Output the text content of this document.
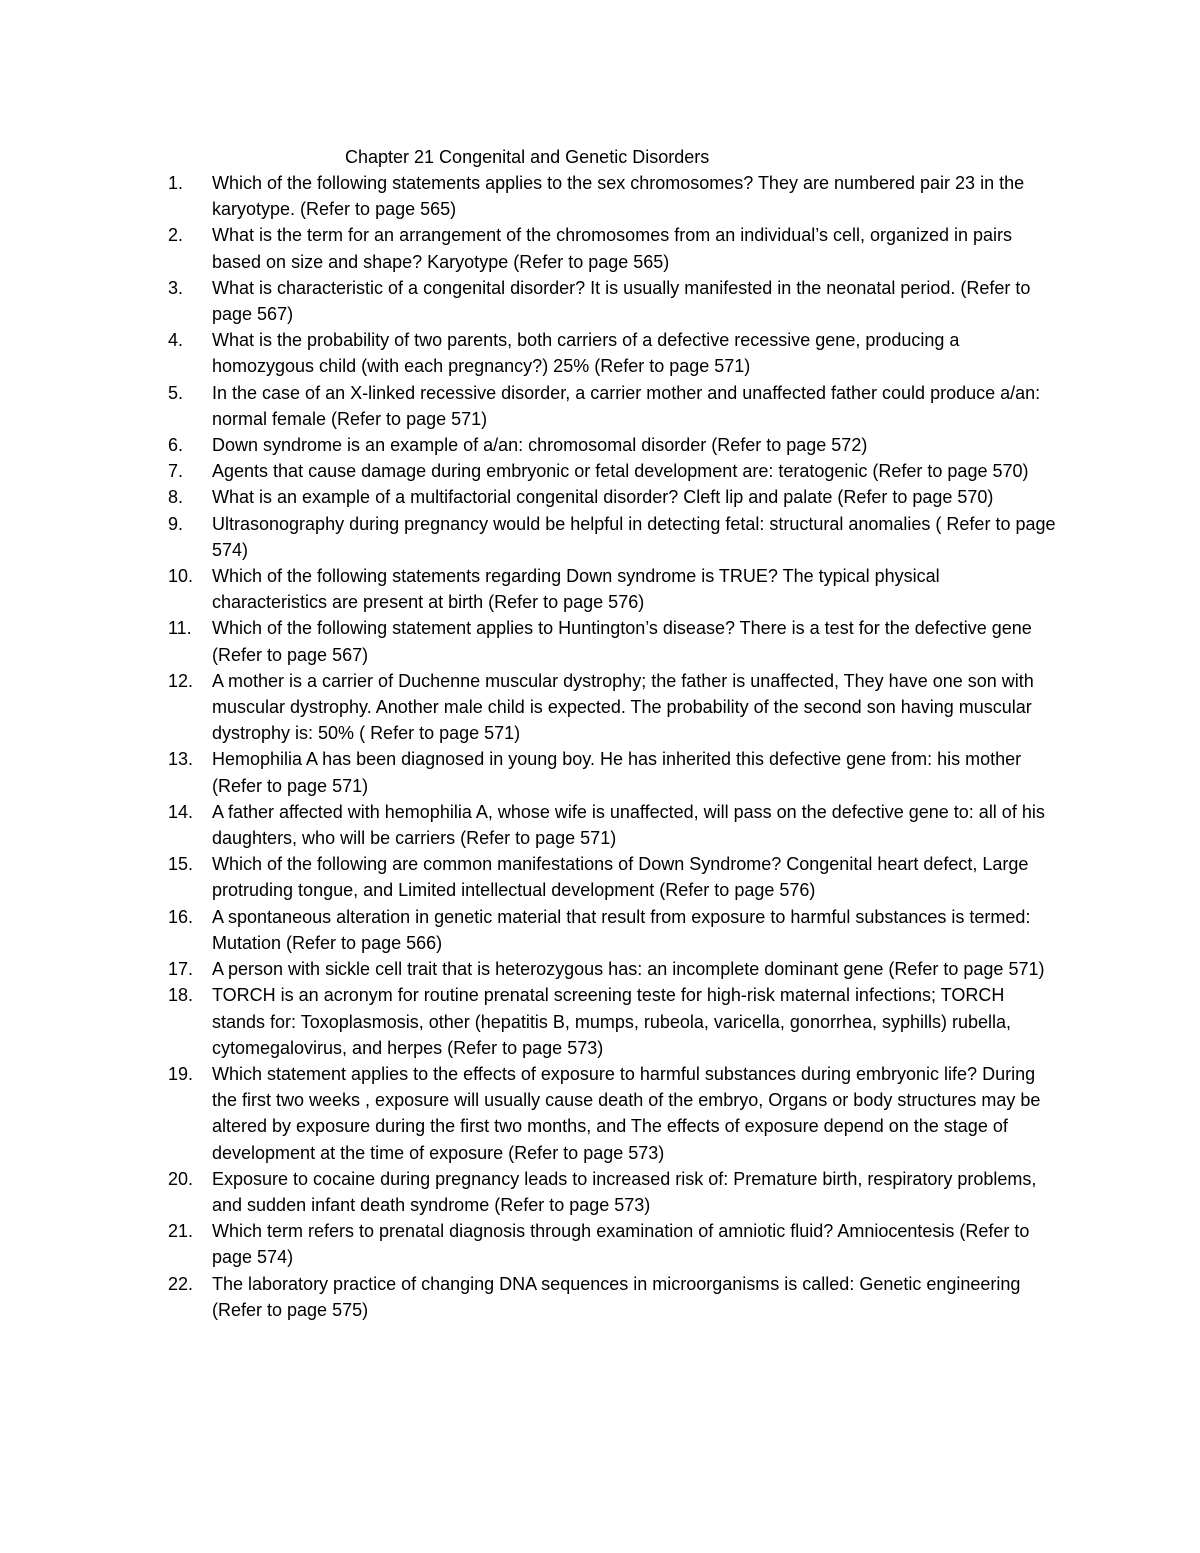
Chapter 21 Congenital and Genetic Disorders
1.	Which of the following statements applies to the sex chromosomes? They are numbered pair 23 in the karyotype. (Refer to page 565)
2.	What is the term for an arrangement of the chromosomes from an individual’s cell, organized in pairs based on size and shape? Karyotype (Refer to page 565)
3.	What is characteristic of a congenital disorder? It is usually manifested in the neonatal period. (Refer to page 567)
4.	What is the probability of two parents, both carriers of a defective recessive gene, producing a homozygous child (with each pregnancy?) 25% (Refer to page 571)
5.	In the case of an X-linked recessive disorder, a carrier mother and unaffected father could produce a/an: normal female (Refer to page 571)
6.	Down syndrome is an example of a/an: chromosomal disorder (Refer to page 572)
7.	Agents that cause damage during embryonic or fetal development are: teratogenic (Refer to page 570)
8.	What is an example of a multifactorial congenital disorder? Cleft lip and palate (Refer to page 570)
9.	Ultrasonography during pregnancy would be helpful in detecting fetal: structural anomalies ( Refer to page 574)
10.	Which of the following statements regarding Down syndrome is TRUE? The typical physical characteristics are present at birth (Refer to page 576)
11.	Which of the following statement applies to Huntington’s disease? There is a test for the defective gene (Refer to page 567)
12.	A mother is a carrier of Duchenne muscular dystrophy; the father is unaffected, They have one son with muscular dystrophy. Another male child is expected. The probability of the second son having muscular dystrophy is: 50% ( Refer to page 571)
13.	Hemophilia A has been diagnosed in young boy. He has inherited this defective gene from: his mother (Refer to page 571)
14.	A father affected with hemophilia A, whose wife is unaffected, will pass on the defective gene to: all of his daughters, who will be carriers (Refer to page 571)
15.	Which of the following are common manifestations of Down Syndrome? Congenital heart defect, Large protruding tongue, and Limited intellectual development (Refer to page 576)
16.	A spontaneous alteration in genetic material that result from exposure to harmful substances is termed: Mutation (Refer to page 566)
17.	A person with sickle cell trait that is heterozygous has: an incomplete dominant gene (Refer to page 571)
18.	TORCH is an acronym for routine prenatal screening teste for high-risk maternal infections; TORCH stands for: Toxoplasmosis, other (hepatitis B, mumps, rubeola, varicella, gonorrhea, syphills) rubella, cytomegalovirus, and herpes (Refer to page 573)
19.	Which statement applies to the effects of exposure to harmful substances during embryonic life? During the first two weeks , exposure will usually cause death of the embryo, Organs or body structures may be altered by exposure during the first two months, and The effects of exposure depend on the stage of development at the time of exposure (Refer to page 573)
20.	Exposure to cocaine during pregnancy leads to increased risk of: Premature birth, respiratory problems, and sudden infant death syndrome (Refer to page 573)
21.	Which term refers to prenatal diagnosis through examination of amniotic fluid? Amniocentesis (Refer to page 574)
22.	The laboratory practice of changing DNA sequences in microorganisms is called: Genetic engineering (Refer to page 575)
